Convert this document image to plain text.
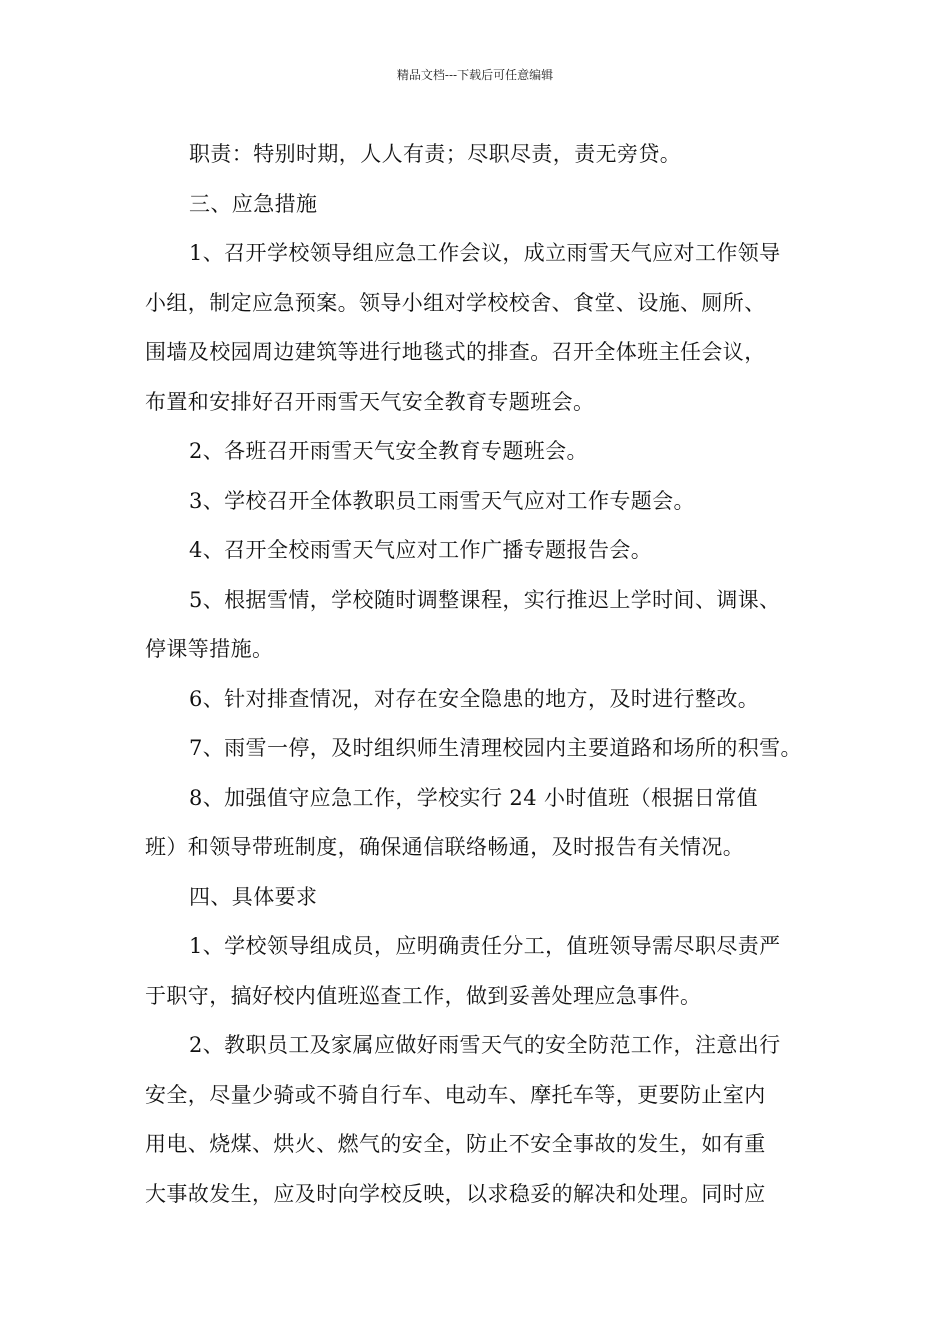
精品文档---下载后可任意编辑
职责：特别时期，人人有责；尽职尽责，责无旁贷。
三、应急措施
1、召开学校领导组应急工作会议，成立雨雪天气应对工作领导
小组，制定应急预案。领导小组对学校校舍、食堂、设施、厕所、
围墙及校园周边建筑等进行地毯式的排查。召开全体班主任会议，
布置和安排好召开雨雪天气安全教育专题班会。
2、各班召开雨雪天气安全教育专题班会。
3、学校召开全体教职员工雨雪天气应对工作专题会。
4、召开全校雨雪天气应对工作广播专题报告会。
5、根据雪情，学校随时调整课程，实行推迟上学时间、调课、
停课等措施。
6、针对排查情况，对存在安全隐患的地方，及时进行整改。
7、雨雪一停，及时组织师生清理校园内主要道路和场所的积雪。
8、加强值守应急工作，学校实行 24 小时值班（根据日常值
班）和领导带班制度，确保通信联络畅通，及时报告有关情况。
四、具体要求
1、学校领导组成员，应明确责任分工，值班领导需尽职尽责严
于职守，搞好校内值班巡查工作，做到妥善处理应急事件。
2、教职员工及家属应做好雨雪天气的安全防范工作，注意出行
安全，尽量少骑或不骑自行车、电动车、摩托车等，更要防止室内
用电、烧煤、烘火、燃气的安全，防止不安全事故的发生，如有重
大事故发生，应及时向学校反映，以求稳妥的解决和处理。同时应
